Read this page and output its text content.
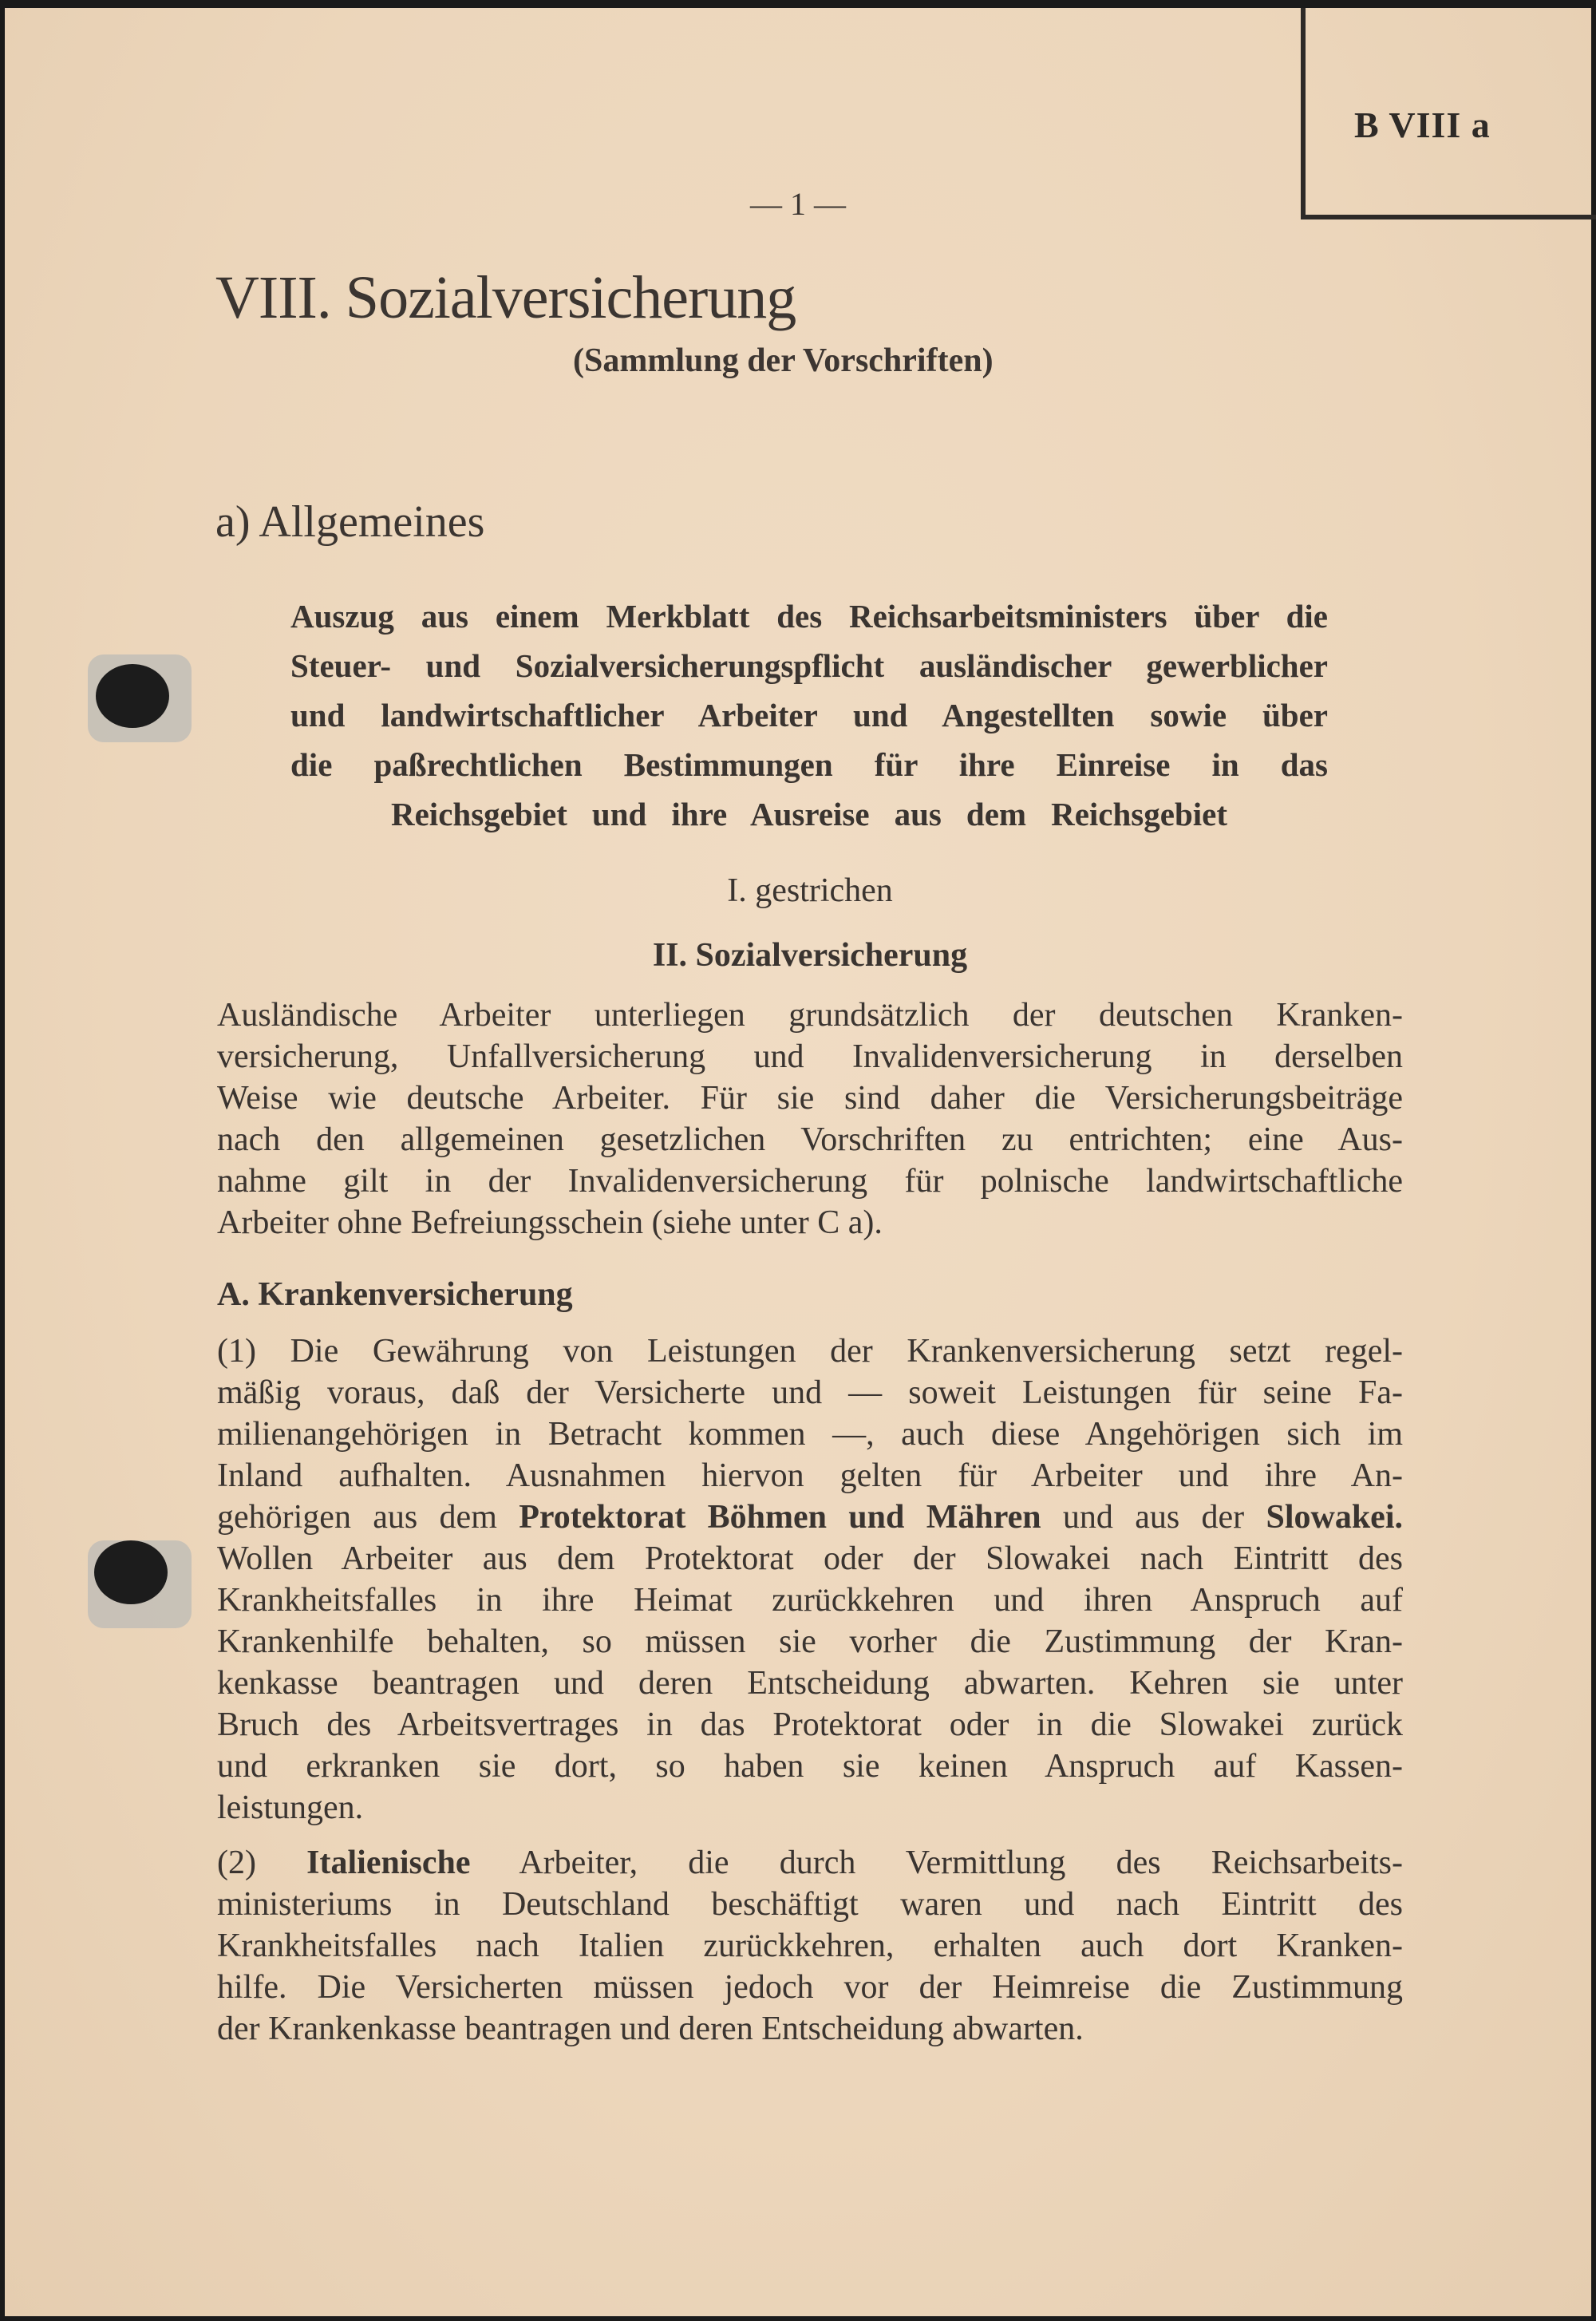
B VIII a
— 1 —
VIII. Sozialversicherung
(Sammlung der Vorschriften)
a) Allgemeines
Auszug aus einem Merkblatt des Reichsarbeitsministers über die
Steuer- und Sozialversicherungspflicht ausländischer gewerblicher
und landwirtschaftlicher Arbeiter und Angestellten sowie über
die paßrechtlichen Bestimmungen für ihre Einreise in das
Reichsgebiet und ihre Ausreise aus dem Reichsgebiet
I. gestrichen
II. Sozialversicherung
Ausländische Arbeiter unterliegen grundsätzlich der deutschen Kranken-
versicherung, Unfallversicherung und Invalidenversicherung in derselben
Weise wie deutsche Arbeiter. Für sie sind daher die Versicherungsbeiträge
nach den allgemeinen gesetzlichen Vorschriften zu entrichten; eine Aus-
nahme gilt in der Invalidenversicherung für polnische landwirtschaftliche
Arbeiter ohne Befreiungsschein (siehe unter C a).
A. Krankenversicherung
(1) Die Gewährung von Leistungen der Krankenversicherung setzt regel-
mäßig voraus, daß der Versicherte und — soweit Leistungen für seine Fa-
milienangehörigen in Betracht kommen —, auch diese Angehörigen sich im
Inland aufhalten. Ausnahmen hiervon gelten für Arbeiter und ihre An-
gehörigen aus dem Protektorat Böhmen und Mähren und aus der Slowakei.
Wollen Arbeiter aus dem Protektorat oder der Slowakei nach Eintritt des
Krankheitsfalles in ihre Heimat zurückkehren und ihren Anspruch auf
Krankenhilfe behalten, so müssen sie vorher die Zustimmung der Kran-
kenkasse beantragen und deren Entscheidung abwarten. Kehren sie unter
Bruch des Arbeitsvertrages in das Protektorat oder in die Slowakei zurück
und erkranken sie dort, so haben sie keinen Anspruch auf Kassen-
leistungen.
(2) Italienische Arbeiter, die durch Vermittlung des Reichsarbeits-
ministeriums in Deutschland beschäftigt waren und nach Eintritt des
Krankheitsfalles nach Italien zurückkehren, erhalten auch dort Kranken-
hilfe. Die Versicherten müssen jedoch vor der Heimreise die Zustimmung
der Krankenkasse beantragen und deren Entscheidung abwarten.
